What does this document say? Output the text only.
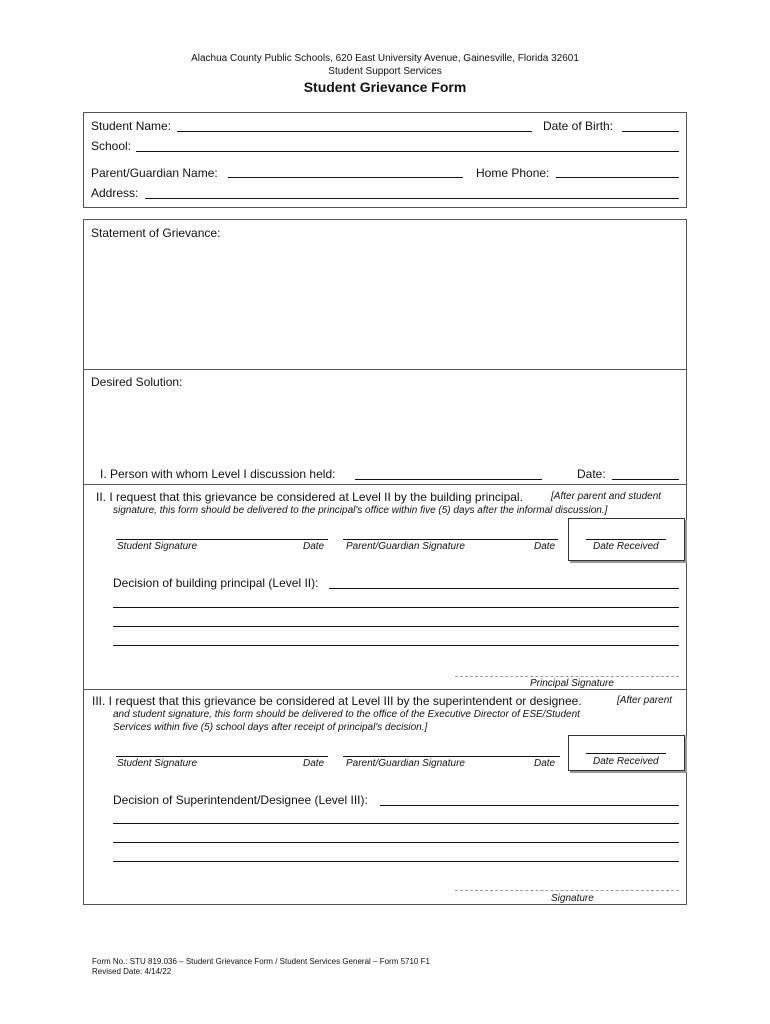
Alachua County Public Schools, 620 East University Avenue, Gainesville, Florida 32601
Student Support Services
Student Grievance Form
Student Name:	Date of Birth:
School:
Parent/Guardian Name:	Home Phone:
Address:
Statement of Grievance:
Desired Solution:
I. Person with whom Level I discussion held:	Date:
II. I request that this grievance be considered at Level II by the building principal.	[After parent and student
signature, this form should be delivered to the principal's office within five (5) days after the informal discussion.]
Student Signature	Date Parent/Guardian Signature	Date	Date Received
Decision of building principal (Level II):
Principal Signature
III. I request that this grievance be considered at Level III by the superintendent or designee.	[After parent
and student signature, this form should be delivered to the office of the Executive Director of ESE/Student
Services within five (5) school days after receipt of principal's decision.]
Student Signature	Date Parent/Guardian Signature	Date	Date Received
Decision of Superintendent/Designee (Level III):
Signature
Form No.: STU 819.036 – Student Grievance Form / Student Services General – Form 5710 F1
Revised Date: 4/14/22
